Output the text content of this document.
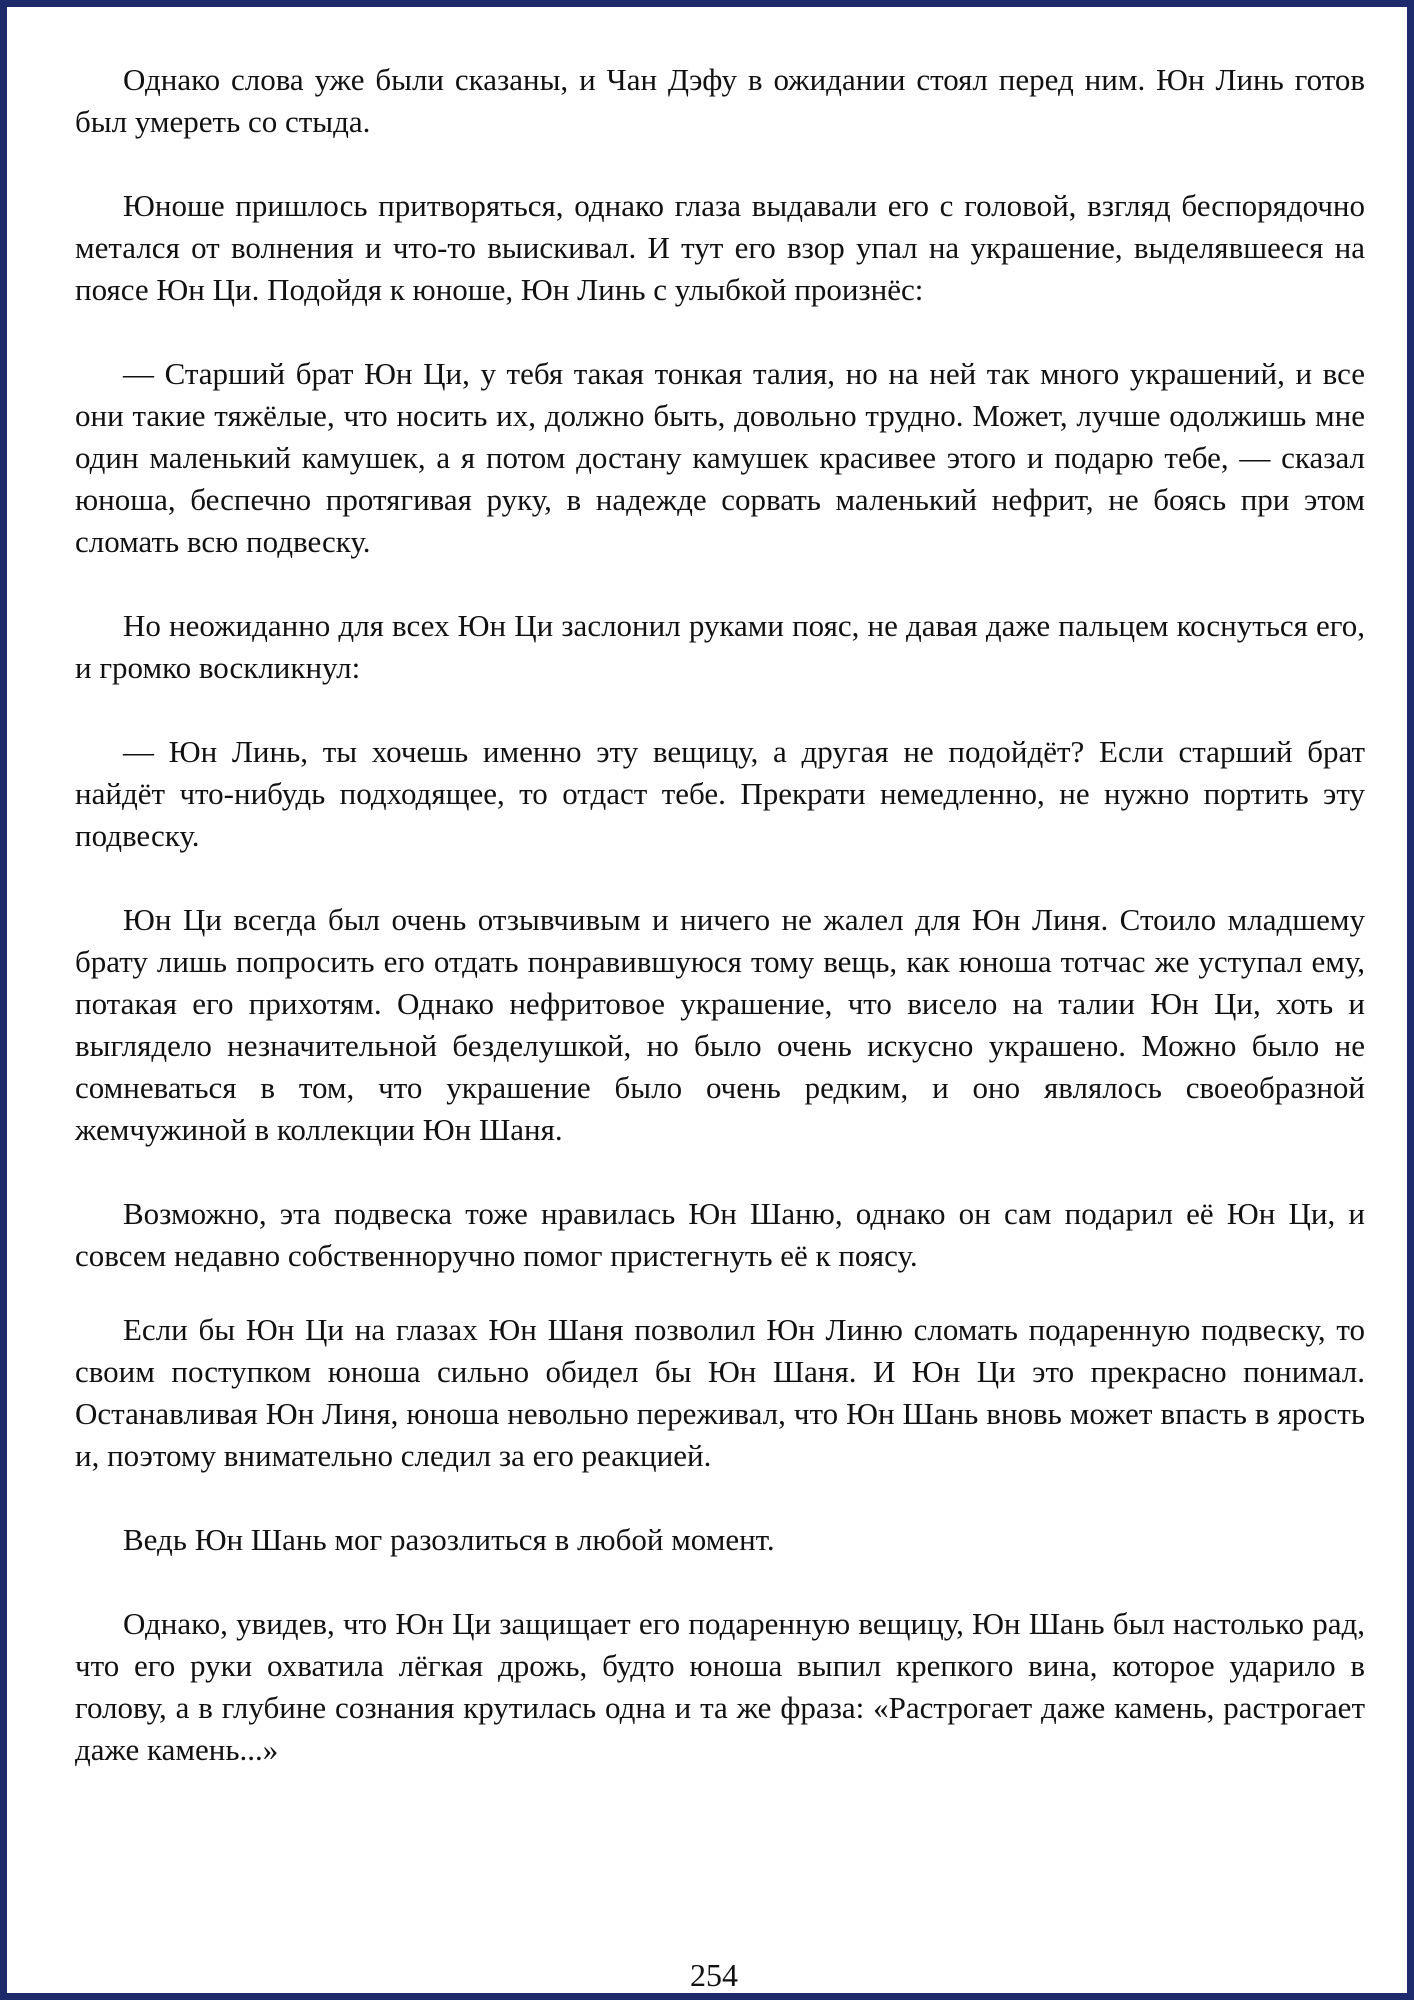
Однако слова уже были сказаны, и Чан Дэфу в ожидании стоял перед ним. Юн Линь готов был умереть со стыда.

Юноше пришлось притворяться, однако глаза выдавали его с головой, взгляд беспорядочно метался от волнения и что-то выискивал. И тут его взор упал на украшение, выделявшееся на поясе Юн Ци. Подойдя к юноше, Юн Линь с улыбкой произнёс:

— Старший брат Юн Ци, у тебя такая тонкая талия, но на ней так много украшений, и все они такие тяжёлые, что носить их, должно быть, довольно трудно. Может, лучше одолжишь мне один маленький камушек, а я потом достану камушек красивее этого и подарю тебе, — сказал юноша, беспечно протягивая руку, в надежде сорвать маленький нефрит, не боясь при этом сломать всю подвеску.

Но неожиданно для всех Юн Ци заслонил руками пояс, не давая даже пальцем коснуться его, и громко воскликнул:

— Юн Линь, ты хочешь именно эту вещицу, а другая не подойдёт? Если старший брат найдёт что-нибудь подходящее, то отдаст тебе. Прекрати немедленно, не нужно портить эту подвеску.

Юн Ци всегда был очень отзывчивым и ничего не жалел для Юн Линя. Стоило младшему брату лишь попросить его отдать понравившуюся тому вещь, как юноша тотчас же уступал ему, потакая его прихотям. Однако нефритовое украшение, что висело на талии Юн Ци, хоть и выглядело незначительной безделушкой, но было очень искусно украшено. Можно было не сомневаться в том, что украшение было очень редким, и оно являлось своеобразной жемчужиной в коллекции Юн Шаня.

Возможно, эта подвеска тоже нравилась Юн Шаню, однако он сам подарил её Юн Ци, и совсем недавно собственноручно помог пристегнуть её к поясу.

Если бы Юн Ци на глазах Юн Шаня позволил Юн Линю сломать подаренную подвеску, то своим поступком юноша сильно обидел бы Юн Шаня. И Юн Ци это прекрасно понимал. Останавливая Юн Линя, юноша невольно переживал, что Юн Шань вновь может впасть в ярость и, поэтому внимательно следил за его реакцией.

Ведь Юн Шань мог разозлиться в любой момент.

Однако, увидев, что Юн Ци защищает его подаренную вещицу, Юн Шань был настолько рад, что его руки охватила лёгкая дрожь, будто юноша выпил крепкого вина, которое ударило в голову, а в глубине сознания крутилась одна и та же фраза: «Растрогает даже камень, растрогает даже камень...»

254
